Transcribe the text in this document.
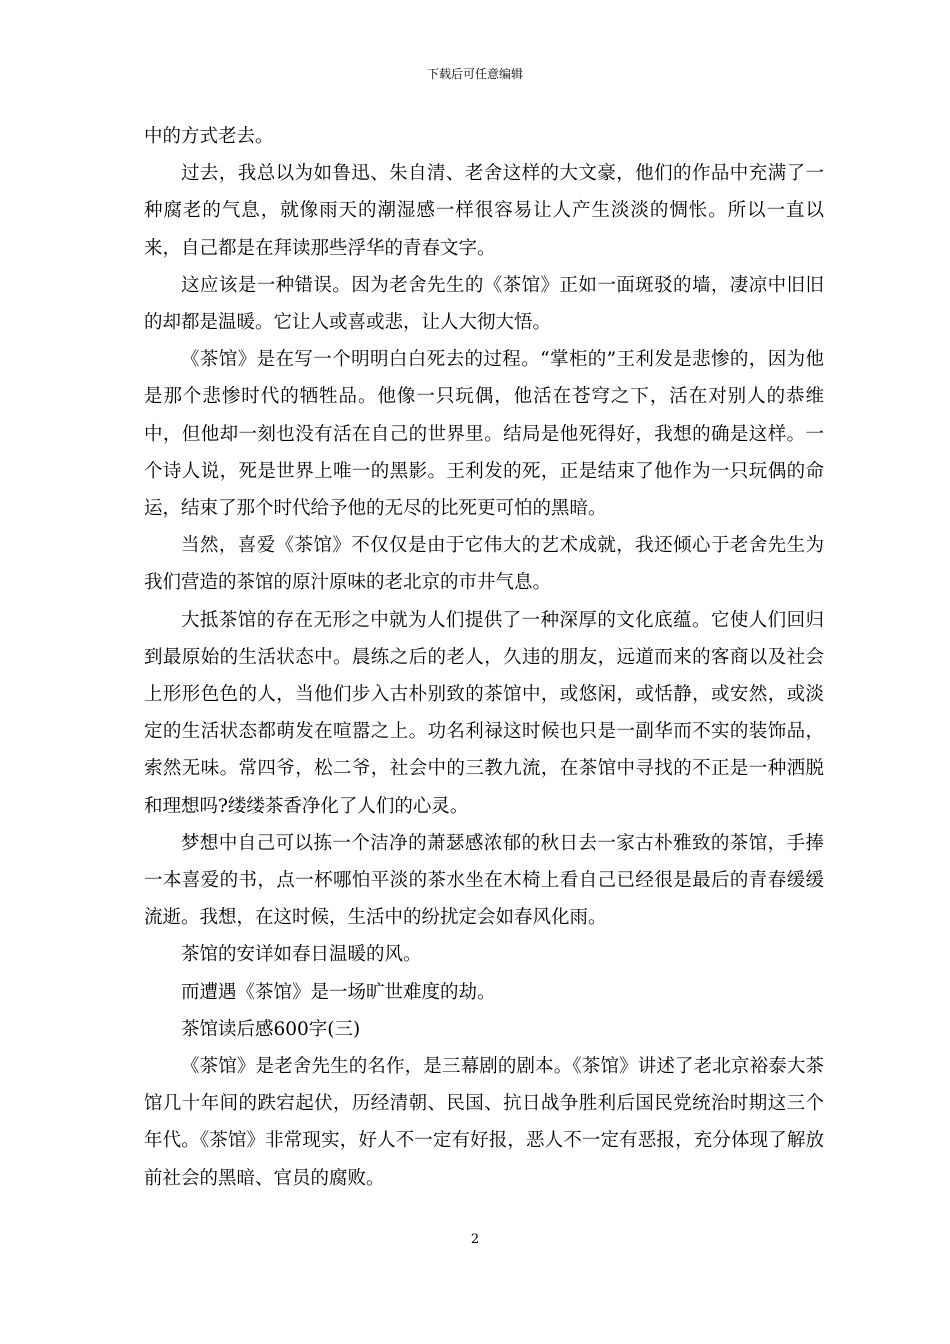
下载后可任意编辑

中的方式老去。

过去，我总以为如鲁迅、朱自清、老舍这样的大文豪，他们的作品中充满了一种腐老的气息，就像雨天的潮湿感一样很容易让人产生淡淡的惆怅。所以一直以来，自己都是在拜读那些浮华的青春文字。

这应该是一种错误。因为老舍先生的《茶馆》正如一面斑驳的墙，凄凉中旧旧的却都是温暖。它让人或喜或悲，让人大彻大悟。

《茶馆》是在写一个明明白白死去的过程。“掌柜的”王利发是悲惨的，因为他是那个悲惨时代的牺牲品。他像一只玩偶，他活在苍穹之下，活在对别人的恭维中，但他却一刻也没有活在自己的世界里。结局是他死得好，我想的确是这样。一个诗人说，死是世界上唯一的黑影。王利发的死，正是结束了他作为一只玩偶的命运，结束了那个时代给予他的无尽的比死更可怕的黑暗。

当然，喜爱《茶馆》不仅仅是由于它伟大的艺术成就，我还倾心于老舍先生为我们营造的茶馆的原汁原味的老北京的市井气息。

大抵茶馆的存在无形之中就为人们提供了一种深厚的文化底蕴。它使人们回归到最原始的生活状态中。晨练之后的老人，久违的朋友，远道而来的客商以及社会上形形色色的人，当他们步入古朴别致的茶馆中，或悠闲，或恬静，或安然，或淡定的生活状态都萌发在喧嚣之上。功名利禄这时候也只是一副华而不实的装饰品，索然无味。常四爷，松二爷，社会中的三教九流，在茶馆中寻找的不正是一种洒脱和理想吗?缕缕茶香净化了人们的心灵。

梦想中自己可以拣一个洁净的萧瑟感浓郁的秋日去一家古朴雅致的茶馆，手捧一本喜爱的书，点一杯哪怕平淡的茶水坐在木椅上看自己已经很是最后的青春缓缓流逝。我想，在这时候，生活中的纷扰定会如春风化雨。

茶馆的安详如春日温暖的风。

而遭遇《茶馆》是一场旷世难度的劫。

茶馆读后感600字(三)

《茶馆》是老舍先生的名作，是三幕剧的剧本。《茶馆》讲述了老北京裕泰大茶馆几十年间的跌宕起伏，历经清朝、民国、抗日战争胜利后国民党统治时期这三个年代。《茶馆》非常现实，好人不一定有好报，恶人不一定有恶报，充分体现了解放前社会的黑暗、官员的腐败。

2
